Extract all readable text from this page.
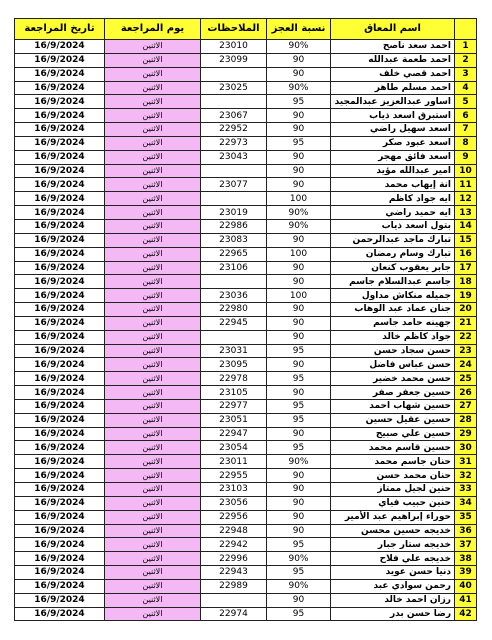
	اسم المعاق	نسبة العجز	الملاحظات	يوم المراجعة	تاريخ المراجعة
1	احمد سعد ناصح	90%	23010	الاثنين	16/9/2024
2	احمد طعمة عبدالله	90	23099	الاثنين	16/9/2024
3	احمد قصي خلف	90		الاثنين	16/9/2024
4	احمد مسلم طاهر	90%	23025	الاثنين	16/9/2024
5	اساور عبدالعزيز عبدالمجيد	95		الاثنين	16/9/2024
6	استبرق اسعد ذياب	90	23067	الاثنين	16/9/2024
7	اسعد سهيل راضي	90	22952	الاثنين	16/9/2024
8	اسعد عبود صكر	95	22973	الاثنين	16/9/2024
9	اسعد فائق مهجر	90	23043	الاثنين	16/9/2024
10	امير عبدالله مؤيد	90		الاثنين	16/9/2024
11	انة إيهاب محمد	90	23077	الاثنين	16/9/2024
12	ايه جواد كاظم	100		الاثنين	16/9/2024
13	ايه حميد راضي	90%	23019	الاثنين	16/9/2024
14	بتول اسعد ذياب	90%	22986	الاثنين	16/9/2024
15	تبارك ماجد عبدالرحمن	90	23083	الاثنين	16/9/2024
16	تبارك وسام رمضان	100	22965	الاثنين	16/9/2024
17	جابر يعقوب كنعان	90	23106	الاثنين	16/9/2024
18	جاسم عبدالسلام جاسم	90		الاثنين	16/9/2024
19	جميله منكاش مداول	100	23036	الاثنين	16/9/2024
20	جنان عماد عبد الوهاب	90	22980	الاثنين	16/9/2024
21	جهينه حامد جاسم	90	22945	الاثنين	16/9/2024
22	جواد كاظم خالد	90		الاثنين	16/9/2024
23	حسن سجاد حسن	95	23031	الاثنين	16/9/2024
24	حسن عباس فاضل	90	23095	الاثنين	16/9/2024
25	حسن محمد خضير	95	22978	الاثنين	16/9/2024
26	حسين جعفر صفر	90	23105	الاثنين	16/9/2024
27	حسين شهاب احمد	95	22977	الاثنين	16/9/2024
28	حسين عقيل حسين	95	23051	الاثنين	16/9/2024
29	حسين علي صبيح	90	22947	الاثنين	16/9/2024
30	حسين قاسم محمد	95	23054	الاثنين	16/9/2024
31	حنان جاسم محمد	90%	23011	الاثنين	16/9/2024
32	حنان محمد حسن	90	22955	الاثنين	16/9/2024
33	حنين لجيل ممتاز	90	23103	الاثنين	16/9/2024
34	حنين حبيب فياي	90	23056	الاثنين	16/9/2024
35	حوراء إبراهيم عبد الأمير	90	22956	الاثنين	16/9/2024
36	خديجه حسين محسن	90	22948	الاثنين	16/9/2024
37	خديجه ستار جبار	95	22942	الاثنين	16/9/2024
38	خديجه علي فلاح	90%	22996	الاثنين	16/9/2024
39	دنيا حسن عويد	95	22943	الاثنين	16/9/2024
40	رحمن سوادي عبد	90%	22989	الاثنين	16/9/2024
41	رزان احمد خالد	90		الاثنين	16/9/2024
42	رضا حسن بدر	95	22974	الاثنين	16/9/2024
